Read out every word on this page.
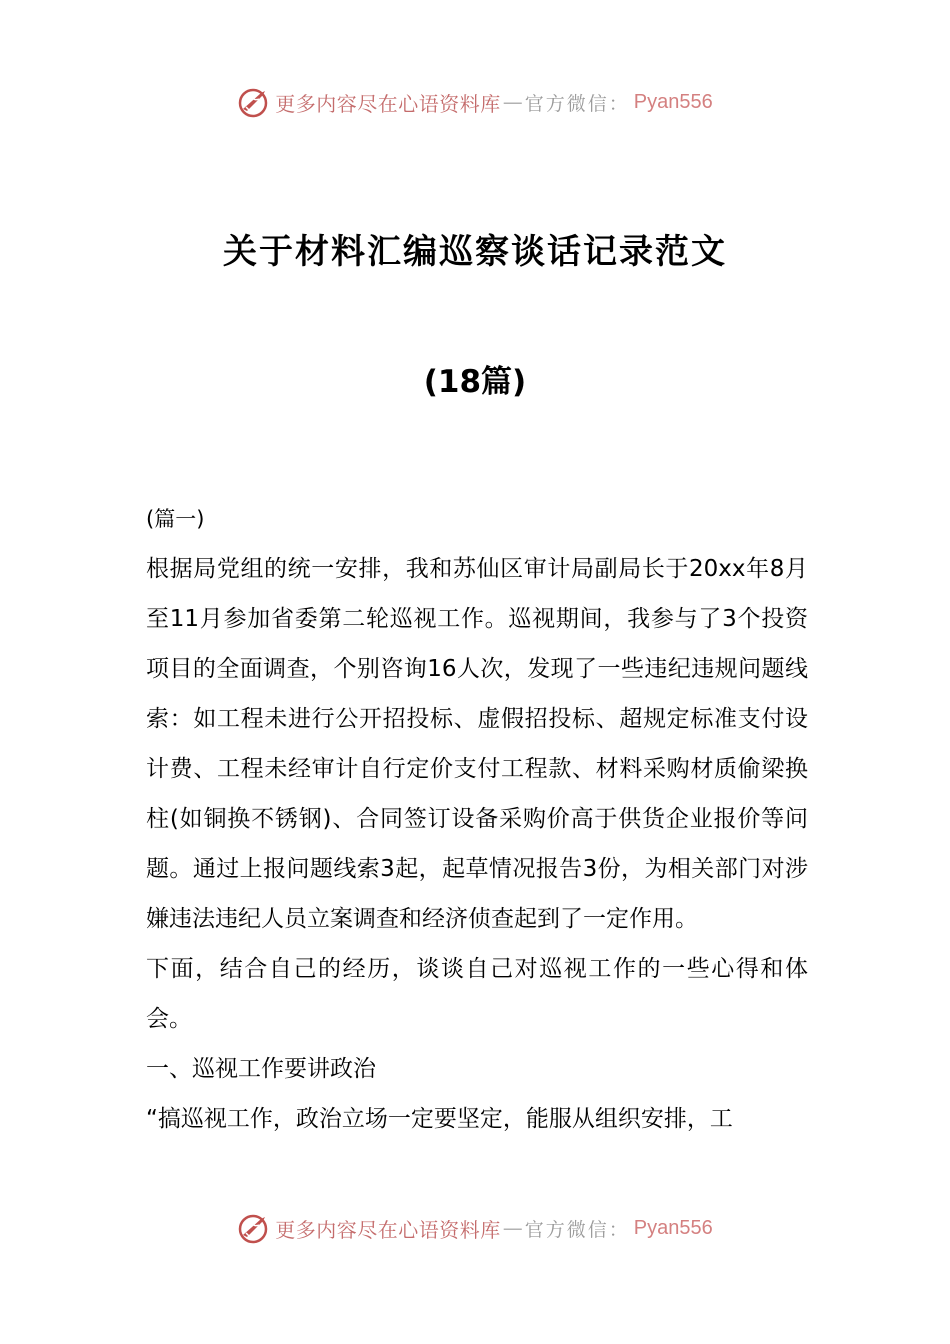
更多内容尽在心语资料库 — 官方微信： Pyan556
关于材料汇编巡察谈话记录范文
(18篇)

(篇一)

根据局党组的统一安排，我和苏仙区审计局副局长于20xx年8月至11月参加省委第二轮巡视工作。巡视期间，我参与了3个投资项目的全面调查，个别咨询16人次，发现了一些违纪违规问题线索：如工程未进行公开招投标、虚假招投标、超规定标准支付设计费、工程未经审计自行定价支付工程款、材料采购材质偷梁换柱(如铜换不锈钢)、合同签订设备采购价高于供货企业报价等问题。通过上报问题线索3起，起草情况报告3份，为相关部门对涉嫌违法违纪人员立案调查和经济侦查起到了一定作用。

下面，结合自己的经历，谈谈自己对巡视工作的一些心得和体会。

一、巡视工作要讲政治

“搞巡视工作，政治立场一定要坚定，能服从组织安排，工

更多内容尽在心语资料库 — 官方微信： Pyan556
